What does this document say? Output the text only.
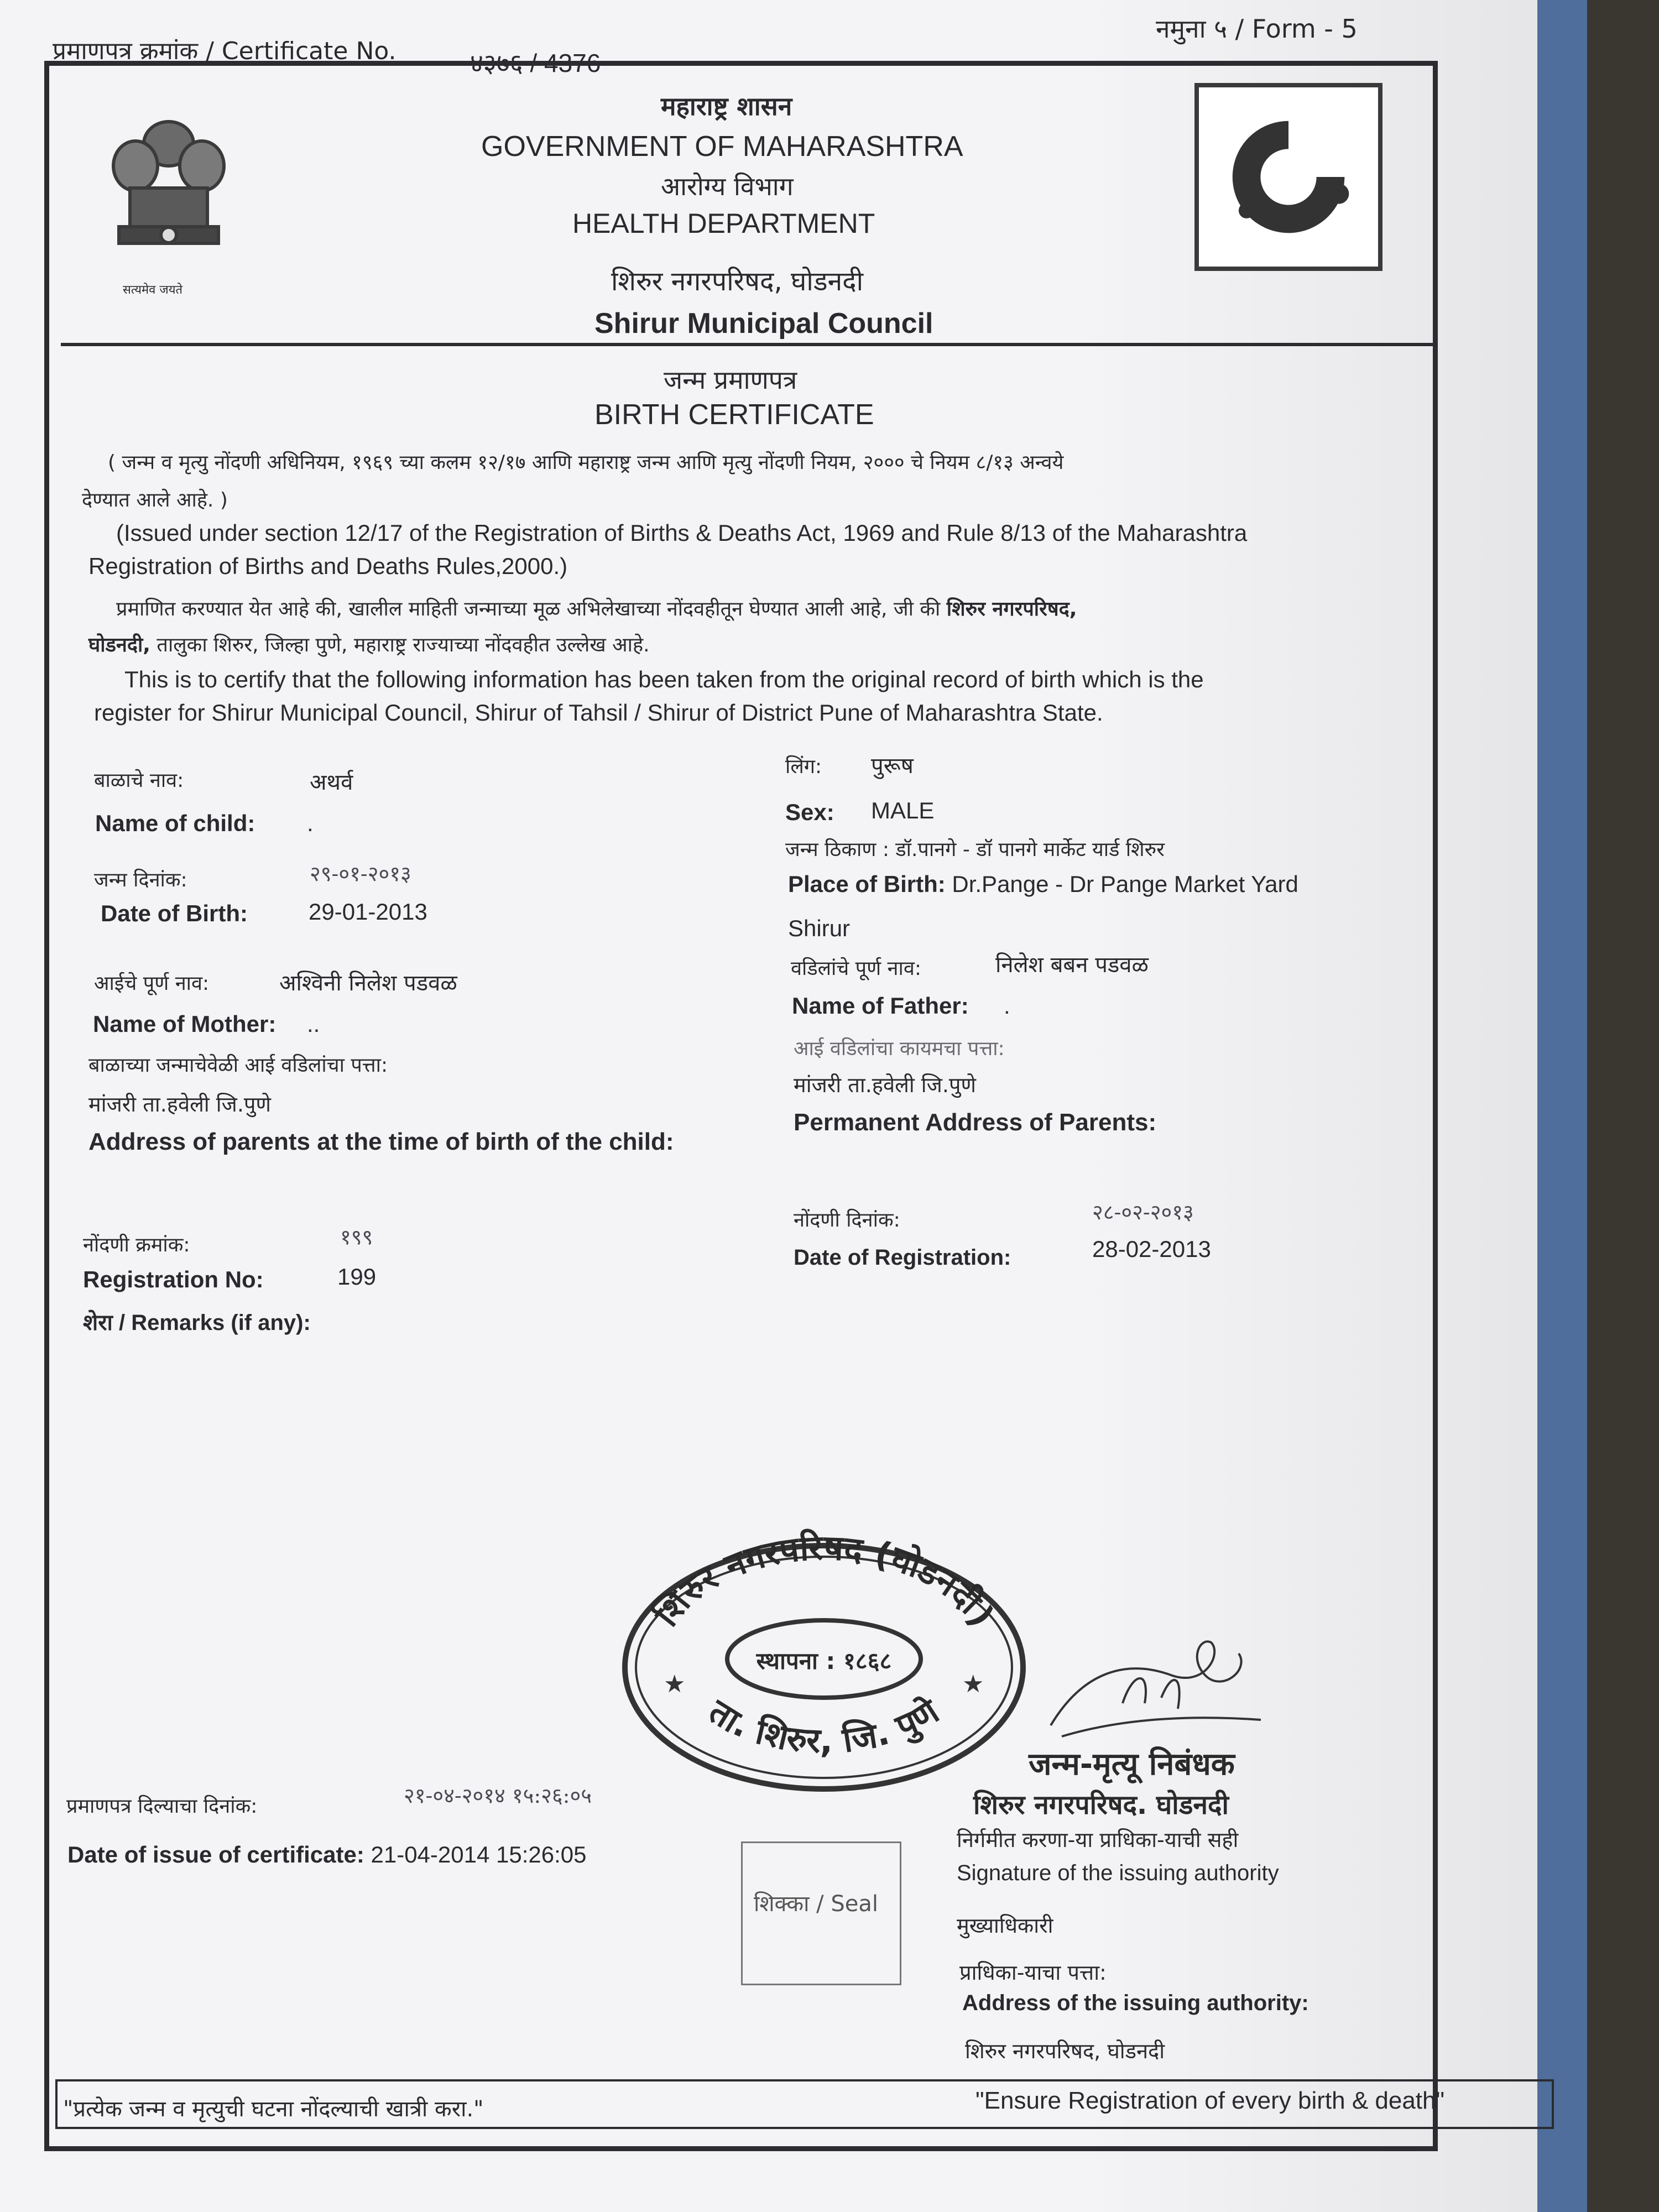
प्रमाणपत्र क्रमांक / Certificate No.	४३७६ / 4376
नमुना ५ / Form - 5
सत्यमेव जयते
महाराष्ट्र शासन
GOVERNMENT OF MAHARASHTRA
आरोग्य विभाग
HEALTH DEPARTMENT
शिरुर नगरपरिषद, घोडनदी
Shirur Municipal Council
जन्म प्रमाणपत्र
BIRTH CERTIFICATE
( जन्म व मृत्यु नोंदणी अधिनियम, १९६९ च्या कलम १२/१७ आणि महाराष्ट्र जन्म आणि मृत्यु नोंदणी नियम, २००० चे नियम ८/१३ अन्वये
देण्यात आले आहे. )
(Issued under section 12/17 of the Registration of Births & Deaths Act, 1969 and Rule 8/13 of the Maharashtra
Registration of Births and Deaths Rules,2000.)
प्रमाणित करण्यात येत आहे की, खालील माहिती जन्माच्या मूळ अभिलेखाच्या नोंदवहीतून घेण्यात आली आहे, जी की शिरुर नगरपरिषद,
घोडनदी, तालुका शिरुर, जिल्हा पुणे, महाराष्ट्र राज्याच्या नोंदवहीत उल्लेख आहे.
This is to certify that the following information has been taken from the original record of birth which is the
register for Shirur Municipal Council, Shirur of Tahsil / Shirur of District Pune of Maharashtra State.
बाळाचे नाव:	अथर्व
Name of child: .
जन्म दिनांक:	२९-०१-२०१३
Date of Birth:	29-01-2013
आईचे पूर्ण नाव:	अश्विनी निलेश पडवळ
Name of Mother: ..
बाळाच्या जन्माचेवेळी आई वडिलांचा पत्ता:
मांजरी ता.हवेली जि.पुणे
Address of parents at the time of birth of the child:
नोंदणी क्रमांक:	१९९
Registration No:	199
शेरा / Remarks (if any):
लिंग: पुरूष
Sex: MALE
जन्म ठिकाण : डॉ.पानगे - डॉ पानगे मार्केट यार्ड शिरुर
Place of Birth: Dr.Pange - Dr Pange Market Yard
Shirur
वडिलांचे पूर्ण नाव:	निलेश बबन पडवळ
Name of Father: .
आई वडिलांचा कायमचा पत्ता:
मांजरी ता.हवेली जि.पुणे
Permanent Address of Parents:
नोंदणी दिनांक:	२८-०२-२०१३
Date of Registration:	28-02-2013
शिरुर नगरपरिषद (घोडनदी)
स्थापना : १८६८
ता. शिरुर, जि. पुणे
★	★
जन्म-मृत्यू निबंधक
शिरुर नगरपरिषद. घोडनदी
निर्गमीत करणा-या प्राधिका-याची सही
Signature of the issuing authority
मुख्याधिकारी
प्राधिका-याचा पत्ता:
Address of the issuing authority:
शिरुर नगरपरिषद, घोडनदी
प्रमाणपत्र दिल्याचा दिनांक:	२१-०४-२०१४ १५:२६:०५
Date of issue of certificate: 21-04-2014 15:26:05
शिक्का / Seal
"प्रत्येक जन्म व मृत्युची घटना नोंदल्याची खात्री करा."	"Ensure Registration of every birth & death"
